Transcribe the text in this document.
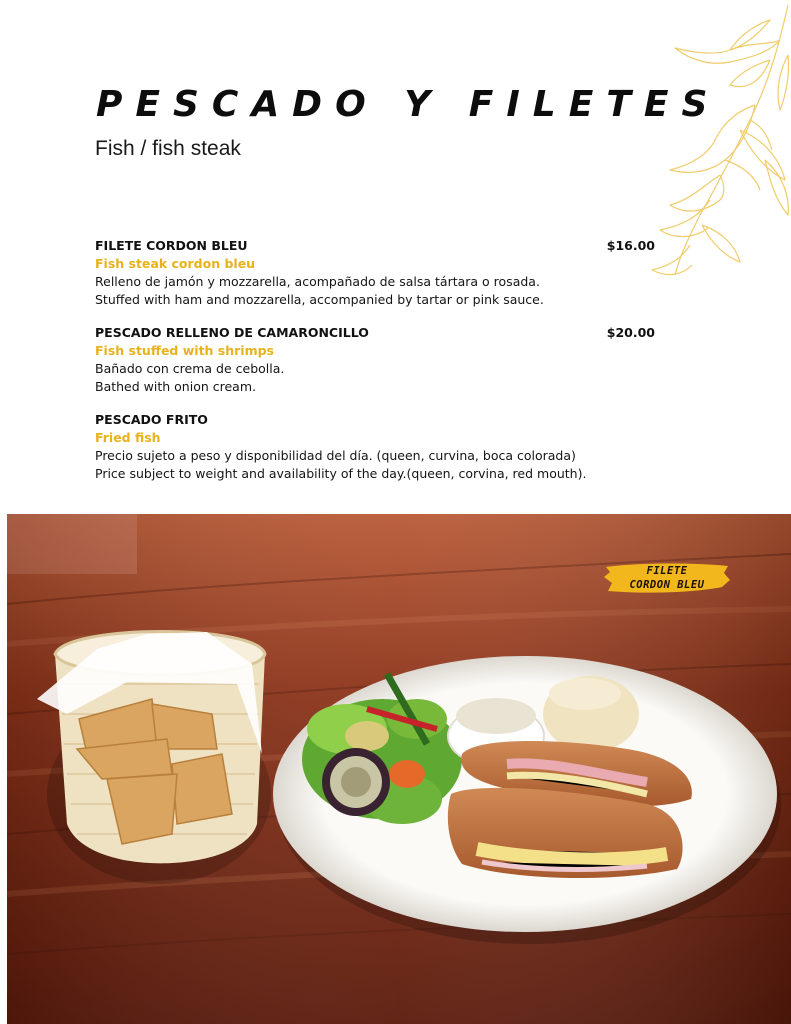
PESCADO Y FILETES

Fish / fish steak

FILETE CORDON BLEU	$16.00
Fish steak cordon bleu
Relleno de jamón y mozzarella, acompañado de salsa tártara o rosada.
Stuffed with ham and mozzarella, accompanied by tartar or pink sauce.
PESCADO RELLENO DE CAMARONCILLO	$20.00
Fish stuffed with shrimps
Bañado con crema de cebolla.
Bathed with onion cream.
PESCADO FRITO
Fried fish
Precio sujeto a peso y disponibilidad del día. (queen, curvina, boca colorada)
Price subject to weight and availability of the day.(queen, corvina, red mouth).
FILETE
CORDON BLEU
